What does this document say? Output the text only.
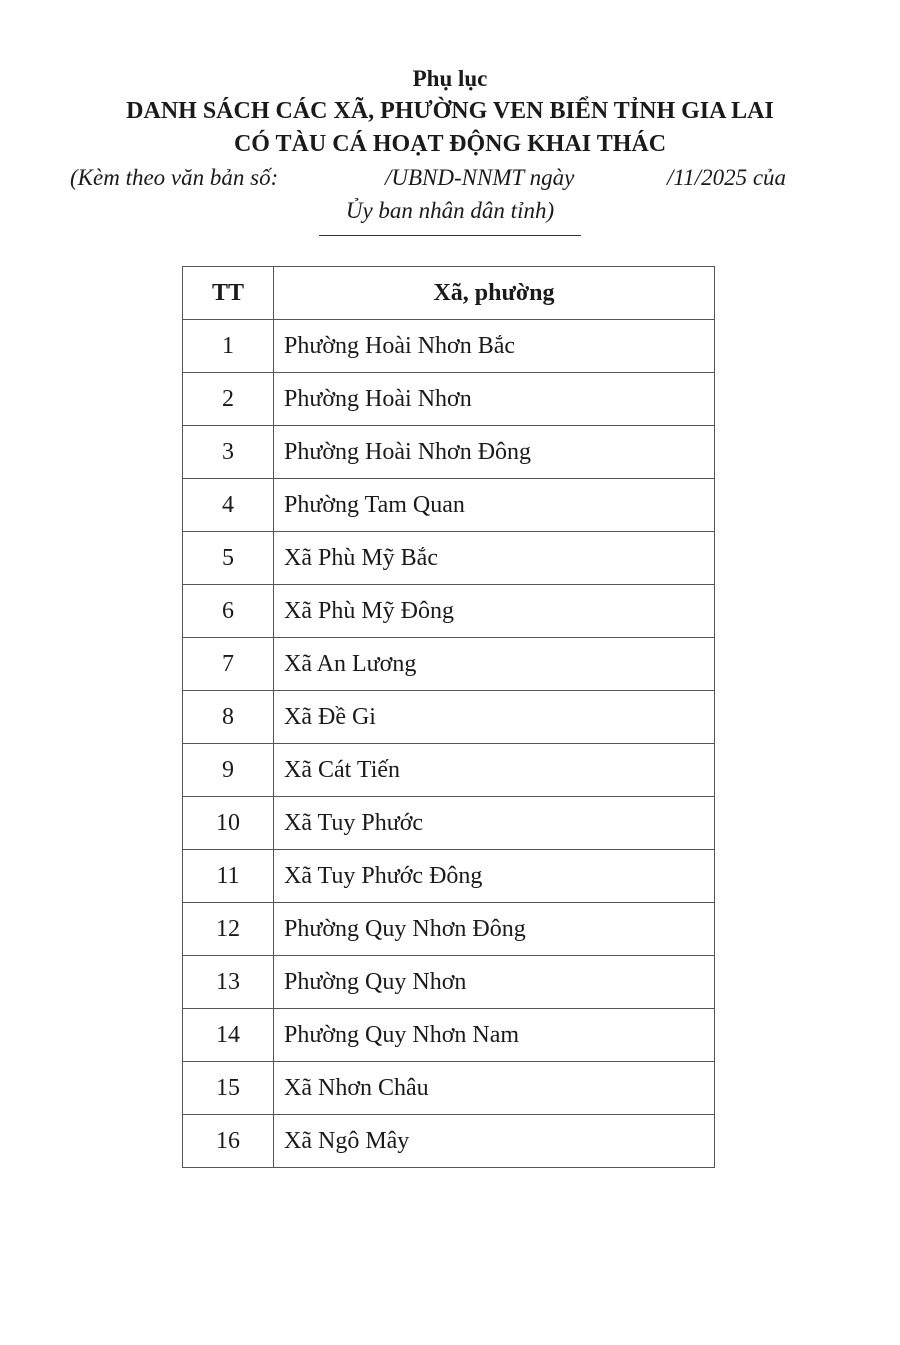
Phụ lục
DANH SÁCH CÁC XÃ, PHƯỜNG VEN BIỂN TỈNH GIA LAI
CÓ TÀU CÁ HOẠT ĐỘNG KHAI THÁC
(Kèm theo văn bản số:	/UBND-NNMT ngày	/11/2025 của
Ủy ban nhân dân tỉnh)
TT	Xã, phường
1	Phường Hoài Nhơn Bắc
2	Phường Hoài Nhơn
3	Phường Hoài Nhơn Đông
4	Phường Tam Quan
5	Xã Phù Mỹ Bắc
6	Xã Phù Mỹ Đông
7	Xã An Lương
8	Xã Đề Gi
9	Xã Cát Tiến
10	Xã Tuy Phước
11	Xã Tuy Phước Đông
12	Phường Quy Nhơn Đông
13	Phường Quy Nhơn
14	Phường Quy Nhơn Nam
15	Xã Nhơn Châu
16	Xã Ngô Mây
